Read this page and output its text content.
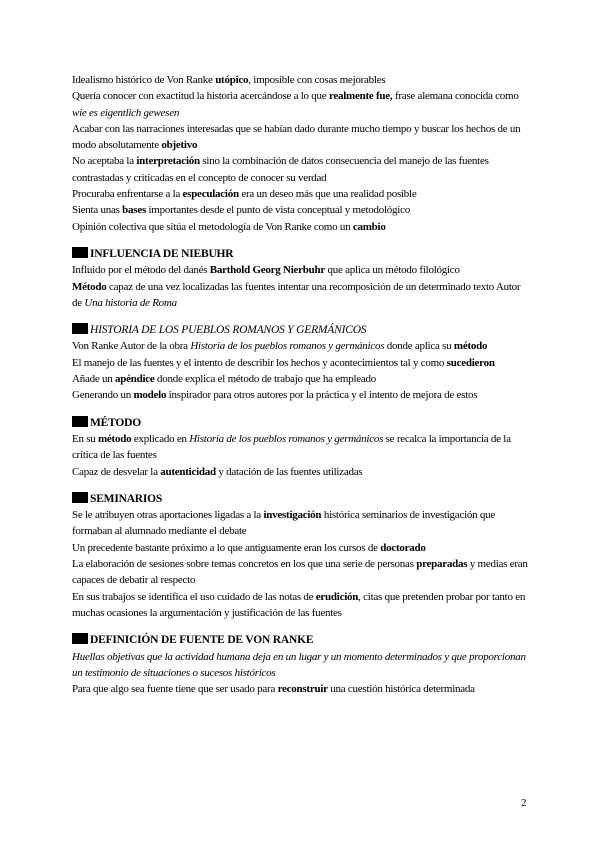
Idealismo histórico de Von Ranke utópico, imposible con cosas mejorables

Quería conocer con exactitud la historia acercándose a lo que realmente fue, frase alemana conocida como wie es eigentlich gewesen

Acabar con las narraciones interesadas que se habían dado durante mucho tiempo y buscar los hechos de un modo absolutamente objetivo

No aceptaba la interpretación sino la combinación de datos consecuencia del manejo de las fuentes contrastadas y criticadas en el concepto de conocer su verdad

Procuraba enfrentarse a la especulación era un deseo más que una realidad posible

Sienta unas bases importantes desde el punto de vista conceptual y metodológico

Opinión colectiva que sitúa el metodología de Von Ranke como un cambio

INFLUENCIA DE NIEBUHR

Influido por el método del danés Barthold Georg Nierbuhr que aplica un método filológico

Método capaz de una vez localizadas las fuentes intentar una recomposición de un determinado texto Autor de Una historia de Roma

HISTORIA DE LOS PUEBLOS ROMANOS Y GERMÁNICOS

Von Ranke Autor de la obra Historia de los pueblos romanos y germánicos donde aplica su método

El manejo de las fuentes y el intento de describir los hechos y acontecimientos tal y como sucedieron

Añade un apéndice donde explica el método de trabajo que ha empleado

Generando un modelo inspirador para otros autores por la práctica y el intento de mejora de estos

MÉTODO

En su método explicado en Historia de los pueblos romanos y germánicos se recalca la importancia de la crítica de las fuentes

Capaz de desvelar la autenticidad y datación de las fuentes utilizadas

SEMINARIOS

Se le atribuyen otras aportaciones ligadas a la investigación histórica seminarios de investigación que formaban al alumnado mediante el debate

Un precedente bastante próximo a lo que antiguamente eran los cursos de doctorado

La elaboración de sesiones sobre temas concretos en los que una serie de personas preparadas y medias eran capaces de debatir al respecto

En sus trabajos se identifica el uso cuidado de las notas de erudición, citas que pretenden probar por tanto en muchas ocasiones la argumentación y justificación de las fuentes

DEFINICIÓN DE FUENTE DE VON RANKE

Huellas objetivas que la actividad humana deja en un lugar y un momento determinados y que proporcionan un testimonio de situaciones o sucesos históricos

Para que algo sea fuente tiene que ser usado para reconstruir una cuestión histórica determinada

2
